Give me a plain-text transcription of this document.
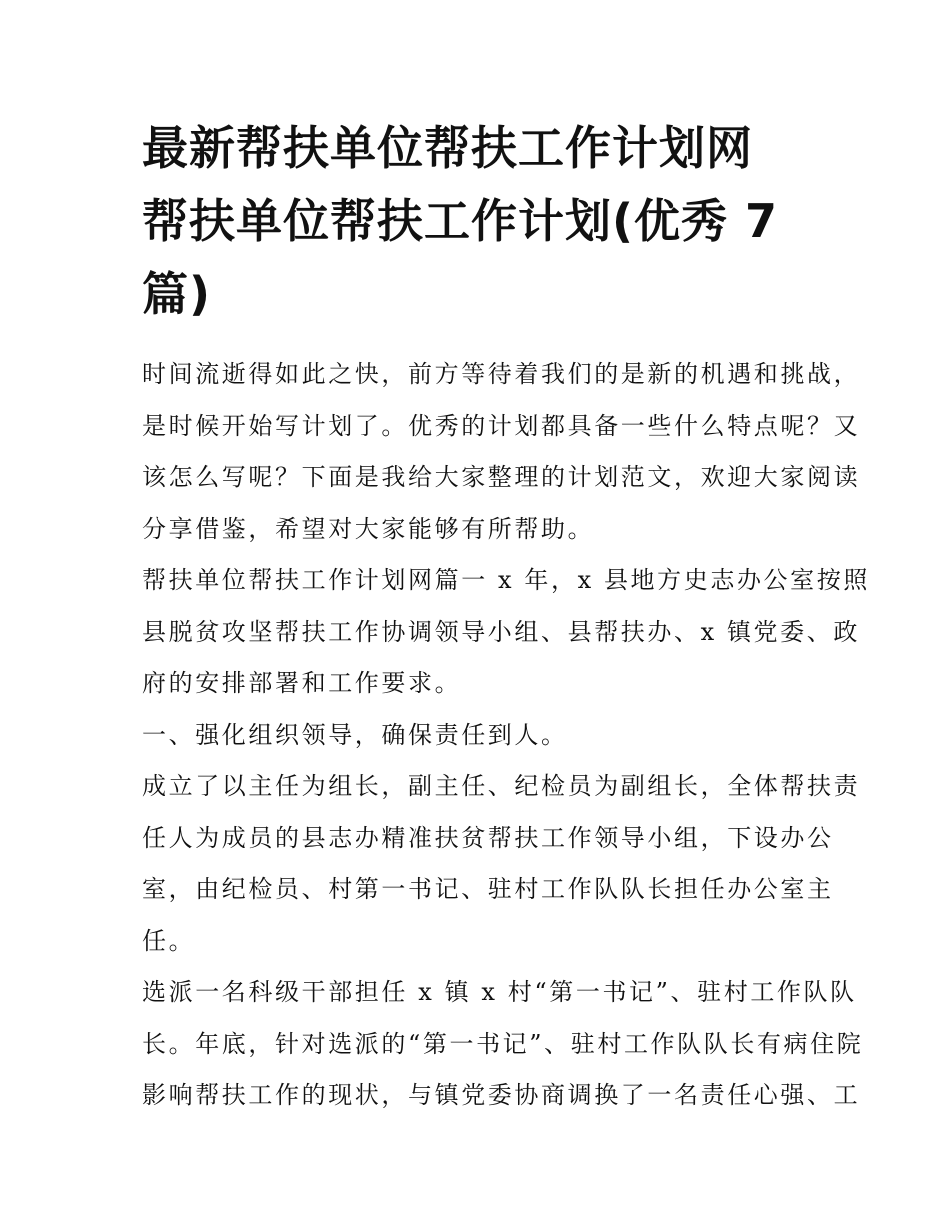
最新帮扶单位帮扶工作计划网
帮扶单位帮扶工作计划(优秀 7
篇)

时间流逝得如此之快，前方等待着我们的是新的机遇和挑战，
是时候开始写计划了。优秀的计划都具备一些什么特点呢？又
该怎么写呢？下面是我给大家整理的计划范文，欢迎大家阅读
分享借鉴，希望对大家能够有所帮助。

帮扶单位帮扶工作计划网篇一 x 年，x 县地方史志办公室按照
县脱贫攻坚帮扶工作协调领导小组、县帮扶办、x 镇党委、政
府的安排部署和工作要求。

一、强化组织领导，确保责任到人。

成立了以主任为组长，副主任、纪检员为副组长，全体帮扶责
任人为成员的县志办精准扶贫帮扶工作领导小组，下设办公
室，由纪检员、村第一书记、驻村工作队队长担任办公室主
任。

选派一名科级干部担任 x 镇 x 村“第一书记”、驻村工作队队
长。年底，针对选派的“第一书记”、驻村工作队队长有病住院
影响帮扶工作的现状，与镇党委协商调换了一名责任心强、工
